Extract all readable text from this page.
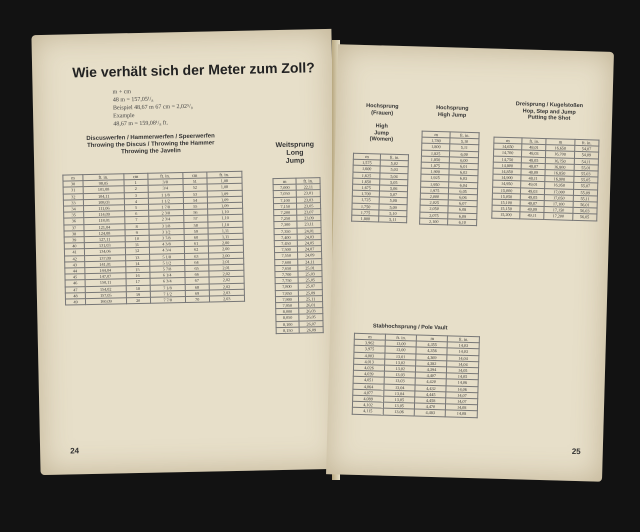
Wie verhält sich der Meter zum Zoll?
m + cm
48 m = 157,05¹/₈
Beispiel 48,67 m 67 cm = 2,02⁵/₈
Example
48,67 m = 159,08¹/₈ ft.
Discuswerfen / Hammerwerfen / Speerwerfen
Throwing the Discus / Throwing the Hammer
Throwing the Javelin
Weitsprung
Long
Jump
m	ft. in.	cm	ft. in.	cm	ft. in.
30	98,05	1	3/8	51	1,08
31	101,08	2	3/4	52	1,08
32	104,11	3	1 1/8	53	1,09
33	108,03	4	1 1/2	54	1,09
34	111,06	5	1 7/8	55	1,09
35	114,09	6	2 3/8	56	1,10
36	118,01	7	2 3/4	57	1,10
37	121,04	8	3 1/8	58	1,10
38	124,08	9	3 1/2	59	1,11
39	127,11	10	3 7/8	60	1,11
40	131,03	11	4 3/8	61	2,00
41	134,06	12	4 3/4	62	2,00
42	137,09	13	5 1/8	63	2,00
43	141,01	14	5 1/2	64	2,01
44	144,04	15	5 7/8	65	2,01
45	147,07	16	6 1/4	66	2,02
46	150,11	17	6 3/4	67	2,02
47	154,02	18	7 1/8	68	2,02
48	157,05	19	7 1/2	69	2,03
49	160,09	20	7 7/8	70	2,03
m	ft. in.
7,000	22,11
7,050	23,01
7,100	23,03
7,150	23,05
7,200	23,07
7,250	23,09
7,300	23,11
7,350	24,01
7,400	24,03
7,450	24,05
7,500	24,07
7,550	24,09
7,600	24,11
7,650	25,01
7,700	25,03
7,750	25,05
7,800	25,07
7,850	25,09
7,900	25,11
7,950	26,01
8,000	26,03
8,050	26,05
8,100	26,07
8,150	26,09
24
Hochsprung
(Frauen)
High
Jump
(Women)
Hochsprung
High Jump
Dreisprung / Kugelstoßen
Hop, Step and Jump
Putting the Shot
m	ft. in.
1,575	5,02
1,600	5,03
1,625	5,04
1,650	5,05
1,675	5,06
1,700	5,07
1,725	5,08
1,750	5,09
1,775	5,10
1,800	5,11
m	ft. in.
1,780	5,10
1,800	5,11
1,825	6,00
1,850	6,00
1,875	6,01
1,900	6,02
1,925	6,03
1,950	6,04
1,975	6,05
2,000	6,06
2,025	6,07
2,050	6,08
2,075	6,09
2,100	6,10
m	ft. in.	m	ft. in.
14,650	48,01	16,650	54,07
14,700	48,03	16,700	54,09
14,750	48,05	16,750	54,11
14,800	48,07	16,800	55,01
14,850	48,09	16,850	55,03
14,900	48,11	16,900	55,05
14,950	49,01	16,950	55,07
15,000	49,03	17,000	55,09
15,050	49,05	17,050	55,11
15,100	49,07	17,100	56,01
15,150	49,09	17,150	56,03
15,200	49,11	17,200	56,05
Stabhochsprung / Pole Vault
m	ft. in.	m	ft. in.
3,962	13,00	4,355	14,03
3,975	13,00	4,356	14,03
4,003	13,01	4,369	14,04
4,013	13,02	4,382	14,04
4,026	13,02	4,394	14,05
4,039	13,03	4,407	14,05
4,051	13,03	4,420	14,06
4,064	13,04	4,432	14,06
4,077	13,04	4,445	14,07
4,089	13,05	4,458	14,07
4,102	13,05	4,470	14,08
4,115	13,06	4,483	14,08
25
